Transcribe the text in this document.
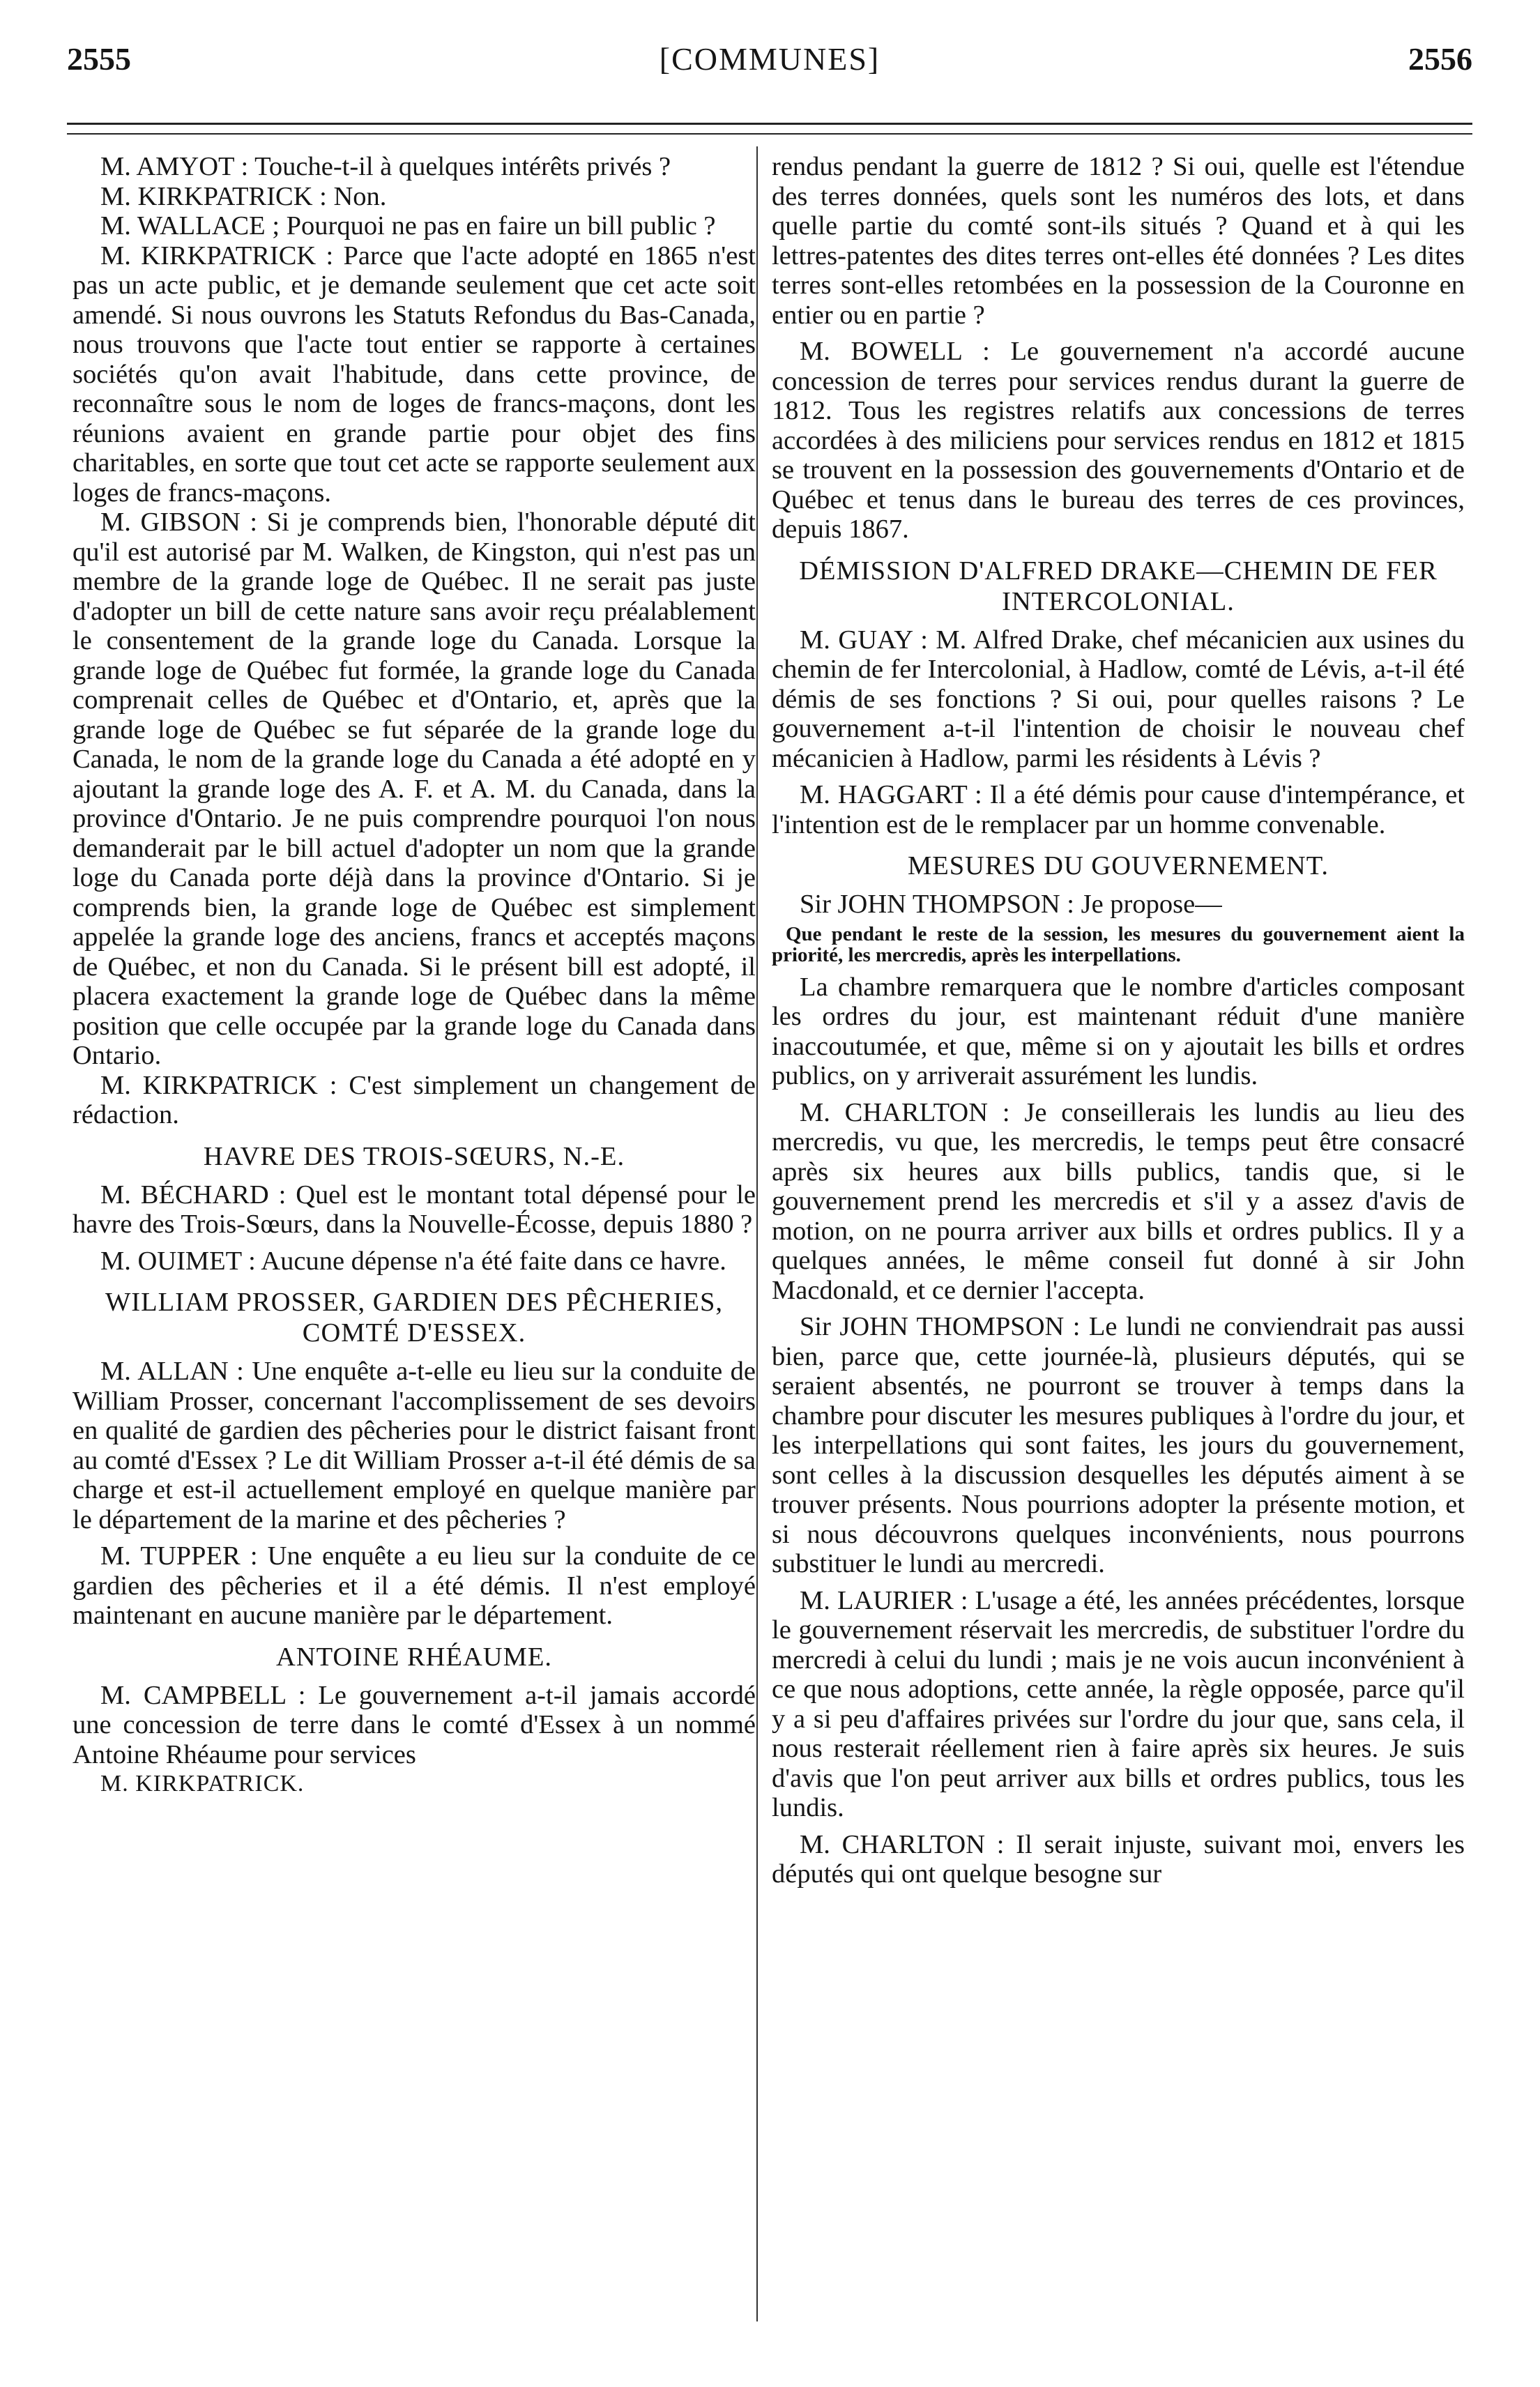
2555	[COMMUNES]	2556

M. AMYOT : Touche-t-il à quelques intérêts privés ?

M. KIRKPATRICK : Non.

M. WALLACE ; Pourquoi ne pas en faire un bill public ?

M. KIRKPATRICK : Parce que l'acte adopté en 1865 n'est pas un acte public, et je demande seulement que cet acte soit amendé. Si nous ouvrons les Statuts Refondus du Bas-Canada, nous trouvons que l'acte tout entier se rapporte à certaines sociétés qu'on avait l'habitude, dans cette province, de reconnaître sous le nom de loges de francs-maçons, dont les réunions avaient en grande partie pour objet des fins charitables, en sorte que tout cet acte se rapporte seulement aux loges de francs-maçons.

M. GIBSON : Si je comprends bien, l'honorable député dit qu'il est autorisé par M. Walken, de Kingston, qui n'est pas un membre de la grande loge de Québec. Il ne serait pas juste d'adopter un bill de cette nature sans avoir reçu préalablement le consentement de la grande loge du Canada. Lorsque la grande loge de Québec fut formée, la grande loge du Canada comprenait celles de Québec et d'Ontario, et, après que la grande loge de Québec se fut séparée de la grande loge du Canada, le nom de la grande loge du Canada a été adopté en y ajoutant la grande loge des A. F. et A. M. du Canada, dans la province d'Ontario. Je ne puis comprendre pourquoi l'on nous demanderait par le bill actuel d'adopter un nom que la grande loge du Canada porte déjà dans la province d'Ontario. Si je comprends bien, la grande loge de Québec est simplement appelée la grande loge des anciens, francs et acceptés maçons de Québec, et non du Canada. Si le présent bill est adopté, il placera exactement la grande loge de Québec dans la même position que celle occupée par la grande loge du Canada dans Ontario.

M. KIRKPATRICK : C'est simplement un changement de rédaction.

HAVRE DES TROIS-SŒURS, N.-E.

M. BÉCHARD : Quel est le montant total dépensé pour le havre des Trois-Sœurs, dans la Nouvelle-Écosse, depuis 1880 ?

M. OUIMET : Aucune dépense n'a été faite dans ce havre.

WILLIAM PROSSER, GARDIEN DES PÊCHERIES, COMTÉ D'ESSEX.

M. ALLAN : Une enquête a-t-elle eu lieu sur la conduite de William Prosser, concernant l'accomplissement de ses devoirs en qualité de gardien des pêcheries pour le district faisant front au comté d'Essex ? Le dit William Prosser a-t-il été démis de sa charge et est-il actuellement employé en quelque manière par le département de la marine et des pêcheries ?

M. TUPPER : Une enquête a eu lieu sur la conduite de ce gardien des pêcheries et il a été démis. Il n'est employé maintenant en aucune manière par le département.

ANTOINE RHÉAUME.

M. CAMPBELL : Le gouvernement a-t-il jamais accordé une concession de terre dans le comté d'Essex à un nommé Antoine Rhéaume pour services

M. KIRKPATRICK.

rendus pendant la guerre de 1812 ? Si oui, quelle est l'étendue des terres données, quels sont les numéros des lots, et dans quelle partie du comté sont-ils situés ? Quand et à qui les lettres-patentes des dites terres ont-elles été données ? Les dites terres sont-elles retombées en la possession de la Couronne en entier ou en partie ?

M. BOWELL : Le gouvernement n'a accordé aucune concession de terres pour services rendus durant la guerre de 1812. Tous les registres relatifs aux concessions de terres accordées à des miliciens pour services rendus en 1812 et 1815 se trouvent en la possession des gouvernements d'Ontario et de Québec et tenus dans le bureau des terres de ces provinces, depuis 1867.

DÉMISSION D'ALFRED DRAKE—CHEMIN DE FER INTERCOLONIAL.

M. GUAY : M. Alfred Drake, chef mécanicien aux usines du chemin de fer Intercolonial, à Hadlow, comté de Lévis, a-t-il été démis de ses fonctions ? Si oui, pour quelles raisons ? Le gouvernement a-t-il l'intention de choisir le nouveau chef mécanicien à Hadlow, parmi les résidents à Lévis ?

M. HAGGART : Il a été démis pour cause d'intempérance, et l'intention est de le remplacer par un homme convenable.

MESURES DU GOUVERNEMENT.

Sir JOHN THOMPSON : Je propose—

Que pendant le reste de la session, les mesures du gouvernement aient la priorité, les mercredis, après les interpellations.

La chambre remarquera que le nombre d'articles composant les ordres du jour, est maintenant réduit d'une manière inaccoutumée, et que, même si on y ajoutait les bills et ordres publics, on y arriverait assurément les lundis.

M. CHARLTON : Je conseillerais les lundis au lieu des mercredis, vu que, les mercredis, le temps peut être consacré après six heures aux bills publics, tandis que, si le gouvernement prend les mercredis et s'il y a assez d'avis de motion, on ne pourra arriver aux bills et ordres publics. Il y a quelques années, le même conseil fut donné à sir John Macdonald, et ce dernier l'accepta.

Sir JOHN THOMPSON : Le lundi ne conviendrait pas aussi bien, parce que, cette journée-là, plusieurs députés, qui se seraient absentés, ne pourront se trouver à temps dans la chambre pour discuter les mesures publiques à l'ordre du jour, et les interpellations qui sont faites, les jours du gouvernement, sont celles à la discussion desquelles les députés aiment à se trouver présents. Nous pourrions adopter la présente motion, et si nous découvrons quelques inconvénients, nous pourrons substituer le lundi au mercredi.

M. LAURIER : L'usage a été, les années précédentes, lorsque le gouvernement réservait les mercredis, de substituer l'ordre du mercredi à celui du lundi ; mais je ne vois aucun inconvénient à ce que nous adoptions, cette année, la règle opposée, parce qu'il y a si peu d'affaires privées sur l'ordre du jour que, sans cela, il nous resterait réellement rien à faire après six heures. Je suis d'avis que l'on peut arriver aux bills et ordres publics, tous les lundis.

M. CHARLTON : Il serait injuste, suivant moi, envers les députés qui ont quelque besogne sur
